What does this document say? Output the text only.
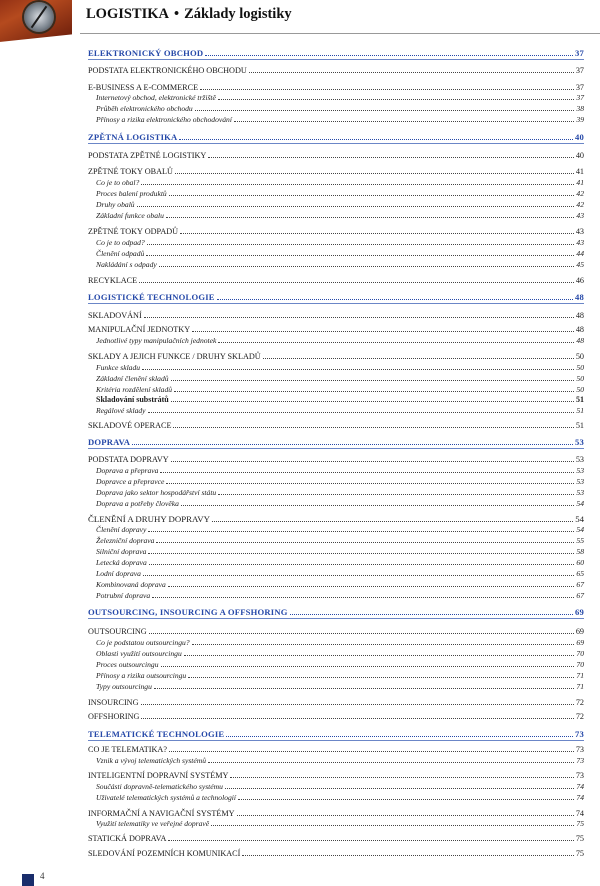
LOGISTIKA • Základy logistiky
ELEKTRONICKÝ OBCHOD	37
PODSTATA ELEKTRONICKÉHO OBCHODU	37
E-BUSINESS A E-COMMERCE	37
Internetový obchod, elektronické tržiště	37
Průběh elektronického obchodu	38
Přínosy a rizika elektronického obchodování	39
ZPĚTNÁ LOGISTIKA	40
PODSTATA ZPĚTNÉ LOGISTIKY	40
ZPĚTNÉ TOKY OBALŮ	41
Co je to obal?	41
Proces balení produktů	42
Druhy obalů	42
Základní funkce obalu	43
ZPĚTNÉ TOKY ODPADŮ	43
Co je to odpad?	43
Členění odpadů	44
Nakládání s odpady	45
RECYKLACE	46
LOGISTICKÉ TECHNOLOGIE	48
SKLADOVÁNÍ	48
MANIPULAČNÍ JEDNOTKY	48
Jednotlivé typy manipulačních jednotek	48
SKLADY A JEJICH FUNKCE / DRUHY SKLADŮ	50
Funkce skladu	50
Základní členění skladů	50
Kritéria rozdělení skladů	50
Skladování substrátů	51
Regálové sklady	51
SKLADOVÉ OPERACE	51
DOPRAVA	53
PODSTATA DOPRAVY	53
Doprava a přeprava	53
Dopravce a přepravce	53
Doprava jako sektor hospodářství státu	53
Doprava a potřeby člověka	54
ČLENĚNÍ A DRUHY DOPRAVY	54
Členění dopravy	54
Železniční doprava	55
Silniční doprava	58
Letecká doprava	60
Lodní doprava	65
Kombinovaná doprava	67
Potrubní doprava	67
OUTSOURCING, INSOURCING A OFFSHORING	69
OUTSOURCING	69
Co je podstatou outsourcingu?	69
Oblasti využití outsourcingu	70
Proces outsourcingu	70
Přínosy a rizika outsourcingu	71
Typy outsourcingu	71
INSOURCING	72
OFFSHORING	72
TELEMATICKÉ TECHNOLOGIE	73
CO JE TELEMATIKA?	73
Vznik a vývoj telematických systémů	73
INTELIGENTNÍ DOPRAVNÍ SYSTÉMY	73
Součásti dopravně-telematického systému	74
Uživatelé telematických systémů a technologií	74
INFORMAČNÍ A NAVIGAČNÍ SYSTÉMY	74
Využití telematiky ve veřejné dopravě	75
STATICKÁ DOPRAVA	75
SLEDOVÁNÍ POZEMNÍCH KOMUNIKACÍ	75
4
